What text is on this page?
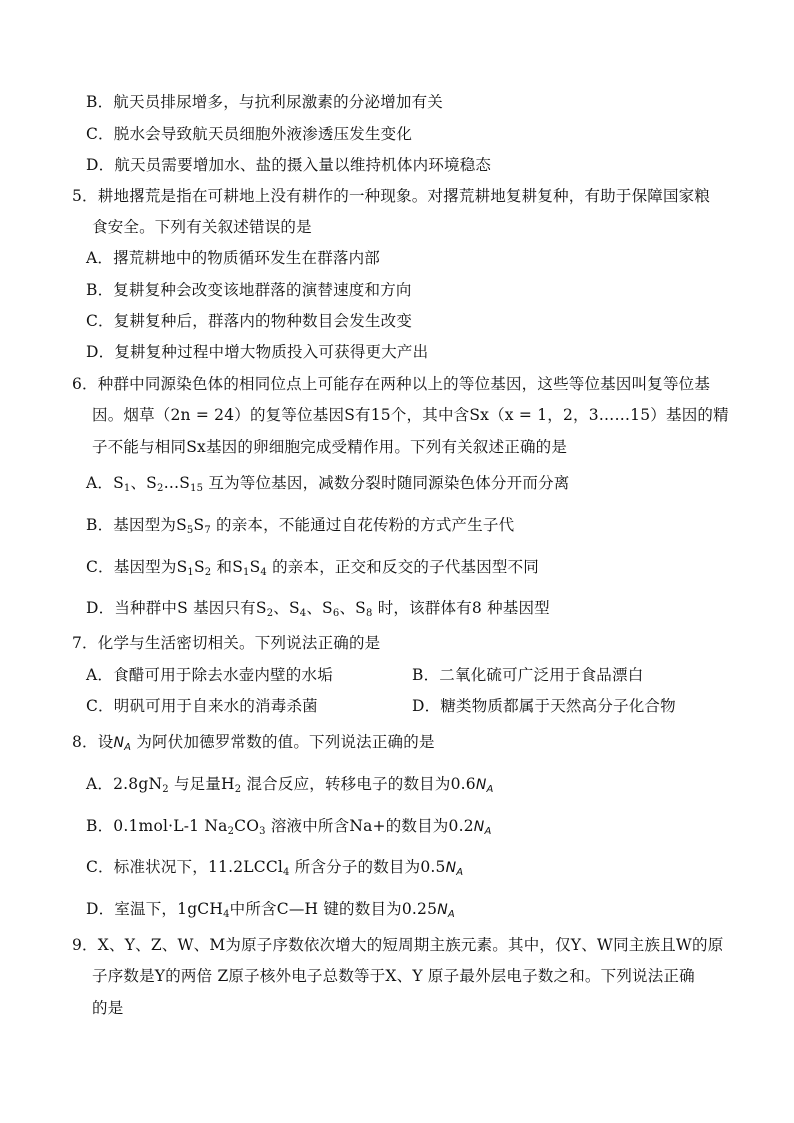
B．航天员排尿增多，与抗利尿激素的分泌增加有关
C．脱水会导致航天员细胞外液渗透压发生变化
D．航天员需要增加水、盐的摄入量以维持机体内环境稳态
5．耕地撂荒是指在可耕地上没有耕作的一种现象。对撂荒耕地复耕复种，有助于保障国家粮
食安全。下列有关叙述错误的是
A．撂荒耕地中的物质循环发生在群落内部
B．复耕复种会改变该地群落的演替速度和方向
C．复耕复种后，群落内的物种数目会发生改变
D．复耕复种过程中增大物质投入可获得更大产出
6．种群中同源染色体的相同位点上可能存在两种以上的等位基因，这些等位基因叫复等位基
因。烟草（2n = 24）的复等位基因S有15个，其中含Sx（x = 1，2，3……15）基因的精
子不能与相同Sx基因的卵细胞完成受精作用。下列有关叙述正确的是
A．$S_1$、$S_2\dots S_{15}$ 互为等位基因，减数分裂时随同源染色体分开而分离
B．基因型为$S_5S_7$ 的亲本，不能通过自花传粉的方式产生子代
C．基因型为$S_1S_2$ 和$S_1S_4$ 的亲本，正交和反交的子代基因型不同
D．当种群中S 基因只有$S_2$、$S_4$、$S_6$、$S_8$ 时，该群体有8 种基因型
7．化学与生活密切相关。下列说法正确的是
A．食醋可用于除去水壶内壁的水垢	B．二氧化硫可广泛用于食品漂白
C．明矾可用于自来水的消毒杀菌	D．糖类物质都属于天然高分子化合物
8．设$N_A$ 为阿伏加德罗常数的值。下列说法正确的是
A．$2.8gN_2$ 与足量$H_2$ 混合反应，转移电子的数目为$0.6N_A$
B．0.1mol·L-1 $Na_2CO_3$ 溶液中所含Na+的数目为$0.2N_A$
C．标准状况下，11.2LCCl$_4$ 所含分子的数目为$0.5N_A$
D．室温下，1gCH$_4$中所含C—H 键的数目为$0.25N_A$
9．X、Y、Z、W、M为原子序数依次增大的短周期主族元素。其中，仅Y、W同主族且W的原
子序数是Y的两倍 Z原子核外电子总数等于X、Y 原子最外层电子数之和。下列说法正确
的是
